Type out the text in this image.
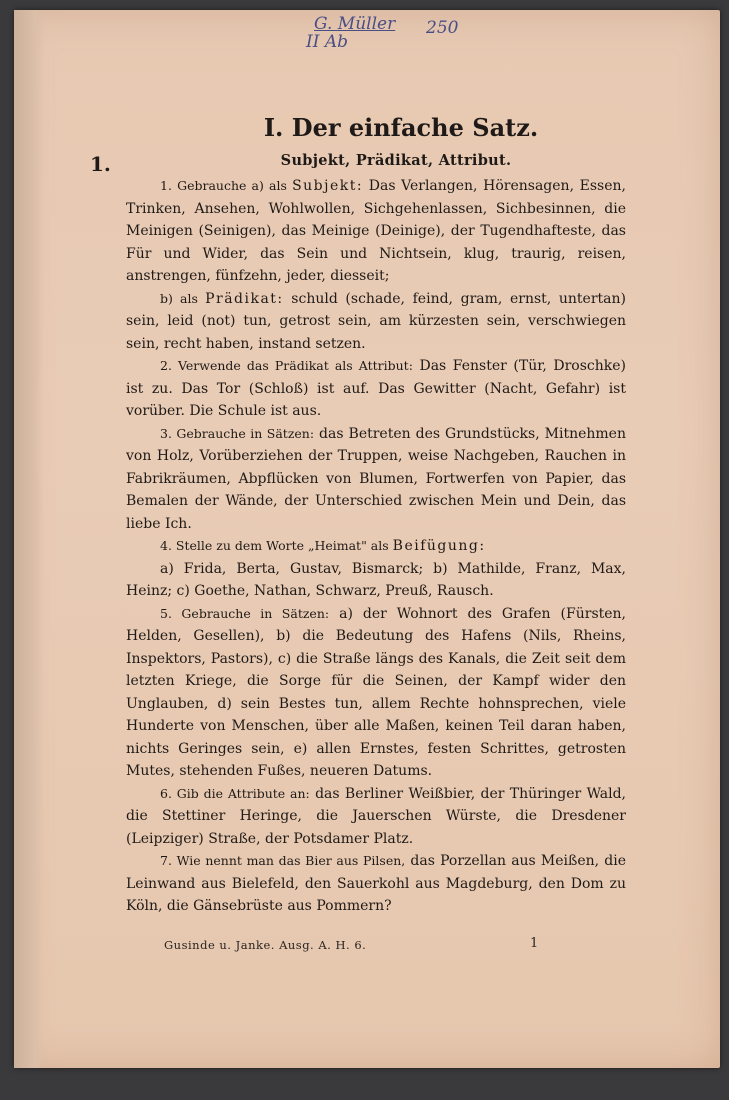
G. Müller 250
II Ab
1.
I. Der einfache Satz.
Subjekt, Prädikat, Attribut.

1. Gebrauche a) als Subjekt: Das Verlangen, Hörensagen, Essen, Trinken, Ansehen, Wohlwollen, Sichgehenlassen, Sichbesinnen, die Meinigen (Seinigen), das Meinige (Deinige), der Tugendhafteste, das Für und Wider, das Sein und Nichtsein, klug, traurig, reisen, anstrengen, fünfzehn, jeder, diesseit;

b) als Prädikat: schuld (schade, feind, gram, ernst, untertan) sein, leid (not) tun, getrost sein, am kürzesten sein, verschwiegen sein, recht haben, instand setzen.

2. Verwende das Prädikat als Attribut: Das Fenster (Tür, Droschke) ist zu. Das Tor (Schloß) ist auf. Das Gewitter (Nacht, Gefahr) ist vorüber. Die Schule ist aus.

3. Gebrauche in Sätzen: das Betreten des Grundstücks, Mitnehmen von Holz, Vorüberziehen der Truppen, weise Nachgeben, Rauchen in Fabrikräumen, Abpflücken von Blumen, Fortwerfen von Papier, das Bemalen der Wände, der Unterschied zwischen Mein und Dein, das liebe Ich.

4. Stelle zu dem Worte „Heimat" als Beifügung:

a) Frida, Berta, Gustav, Bismarck; b) Mathilde, Franz, Max, Heinz; c) Goethe, Nathan, Schwarz, Preuß, Rausch.

5. Gebrauche in Sätzen: a) der Wohnort des Grafen (Fürsten, Helden, Gesellen), b) die Bedeutung des Hafens (Nils, Rheins, Inspektors, Pastors), c) die Straße längs des Kanals, die Zeit seit dem letzten Kriege, die Sorge für die Seinen, der Kampf wider den Unglauben, d) sein Bestes tun, allem Rechte hohnsprechen, viele Hunderte von Menschen, über alle Maßen, keinen Teil daran haben, nichts Geringes sein, e) allen Ernstes, festen Schrittes, getrosten Mutes, stehenden Fußes, neueren Datums.

6. Gib die Attribute an: das Berliner Weißbier, der Thüringer Wald, die Stettiner Heringe, die Jauerschen Würste, die Dresdener (Leipziger) Straße, der Potsdamer Platz.

7. Wie nennt man das Bier aus Pilsen, das Porzellan aus Meißen, die Leinwand aus Bielefeld, den Sauerkohl aus Magdeburg, den Dom zu Köln, die Gänsebrüste aus Pommern?

Gusinde u. Janke. Ausg. A. H. 6.	1
